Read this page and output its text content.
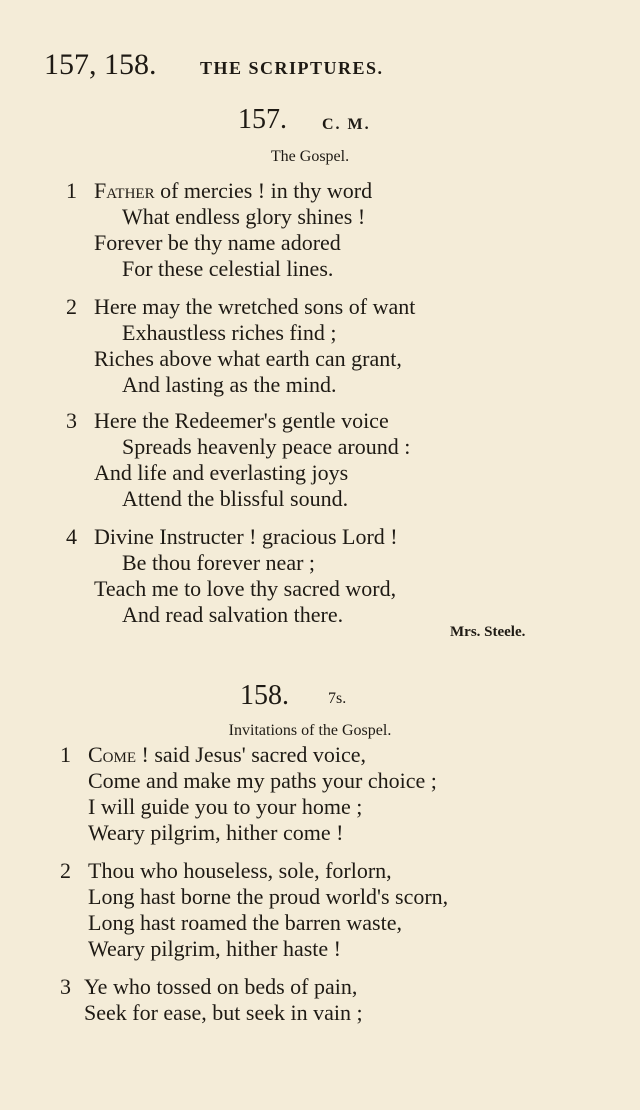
157, 158. THE SCRIPTURES.
157. C. M.
The Gospel.
1 Father of mercies ! in thy word
What endless glory shines !
Forever be thy name adored
For these celestial lines.
2 Here may the wretched sons of want
Exhaustless riches find ;
Riches above what earth can grant,
And lasting as the mind.
3 Here the Redeemer's gentle voice
Spreads heavenly peace around :
And life and everlasting joys
Attend the blissful sound.
4 Divine Instructer ! gracious Lord !
Be thou forever near ;
Teach me to love thy sacred word,
And read salvation there.
Mrs. Steele.
158. 7s.
Invitations of the Gospel.
1 Come ! said Jesus' sacred voice,
Come and make my paths your choice ;
I will guide you to your home ;
Weary pilgrim, hither come !
2 Thou who houseless, sole, forlorn,
Long hast borne the proud world's scorn,
Long hast roamed the barren waste,
Weary pilgrim, hither haste !
3 Ye who tossed on beds of pain,
Seek for ease, but seek in vain ;
